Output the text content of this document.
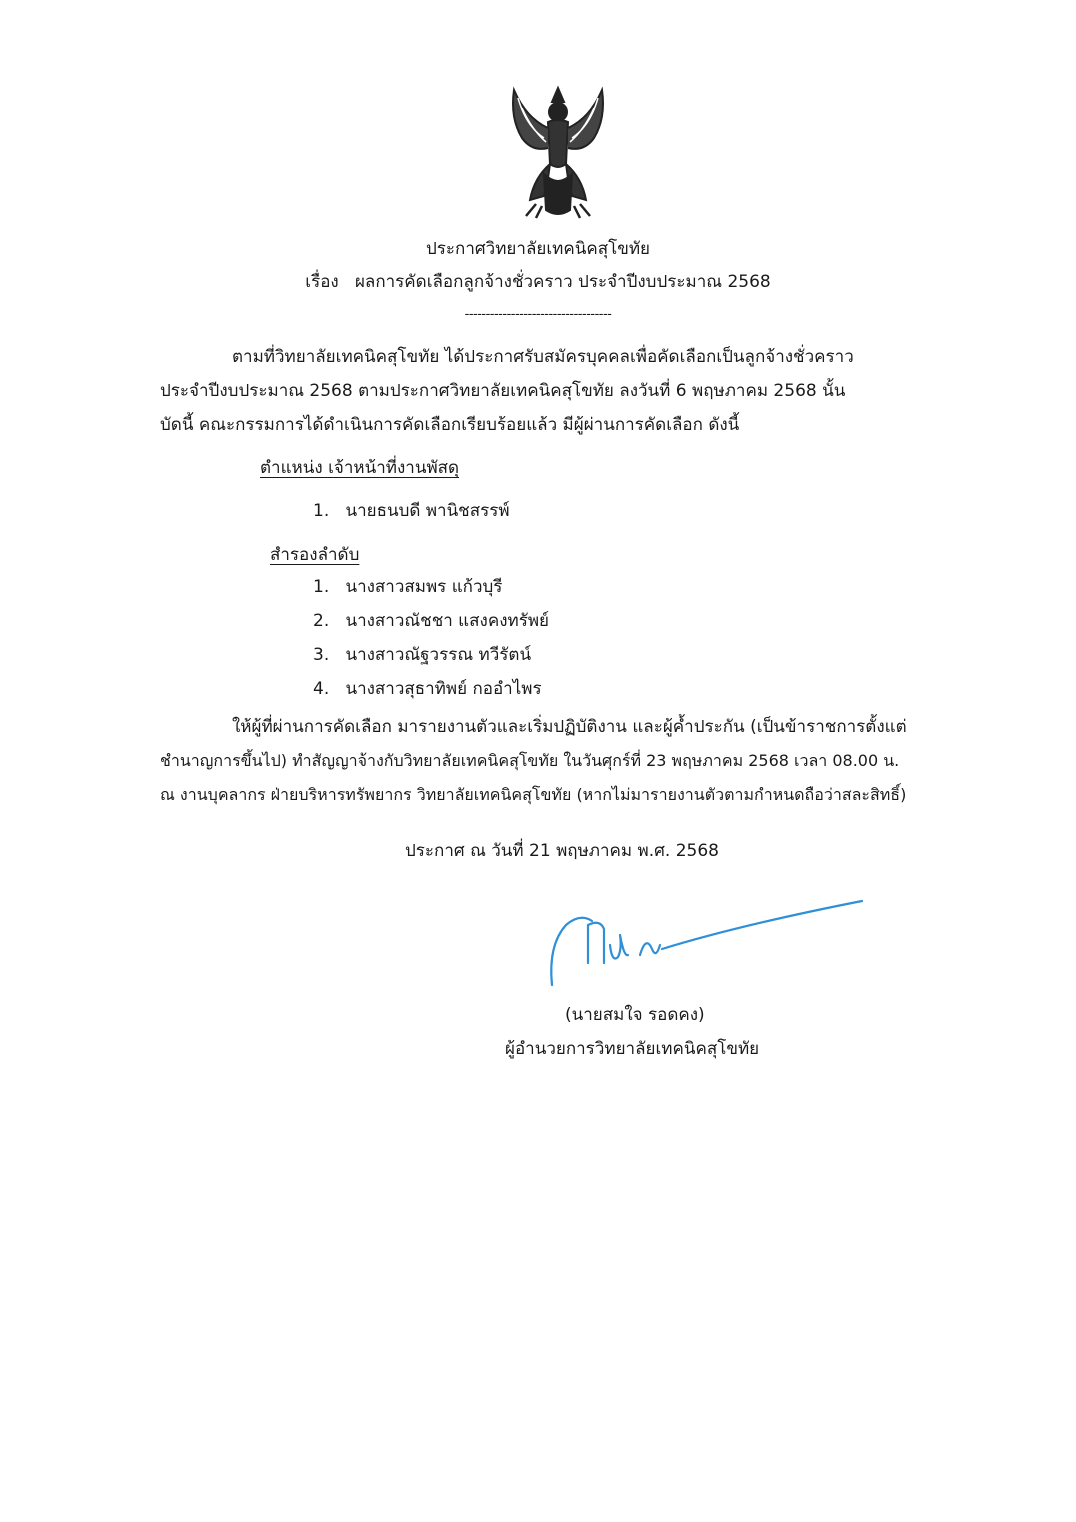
ประกาศวิทยาลัยเทคนิคสุโขทัย
เรื่อง ผลการคัดเลือกลูกจ้างชั่วคราว ประจำปีงบประมาณ 2568
-----------------------------------
ตามที่วิทยาลัยเทคนิคสุโขทัย ได้ประกาศรับสมัครบุคคลเพื่อคัดเลือกเป็นลูกจ้างชั่วคราว
ประจำปีงบประมาณ 2568 ตามประกาศวิทยาลัยเทคนิคสุโขทัย ลงวันที่ 6 พฤษภาคม 2568 นั้น
บัดนี้ คณะกรรมการได้ดำเนินการคัดเลือกเรียบร้อยแล้ว มีผู้ผ่านการคัดเลือก ดังนี้
ตำแหน่ง เจ้าหน้าที่งานพัสดุ
1. นายธนบดี พานิชสรรพ์
สำรองลำดับ
1. นางสาวสมพร แก้วบุรี
2. นางสาวณัชชา แสงคงทรัพย์
3. นางสาวณัฐวรรณ ทวีรัตน์
4. นางสาวสุธาทิพย์ กออำไพร
ให้ผู้ที่ผ่านการคัดเลือก มารายงานตัวและเริ่มปฏิบัติงาน และผู้ค้ำประกัน (เป็นข้าราชการตั้งแต่
ชำนาญการขึ้นไป) ทำสัญญาจ้างกับวิทยาลัยเทคนิคสุโขทัย ในวันศุกร์ที่ 23 พฤษภาคม 2568 เวลา 08.00 น.
ณ งานบุคลากร ฝ่ายบริหารทรัพยากร วิทยาลัยเทคนิคสุโขทัย (หากไม่มารายงานตัวตามกำหนดถือว่าสละสิทธิ์)
ประกาศ ณ วันที่ 21 พฤษภาคม พ.ศ. 2568
(นายสมใจ รอดคง)
ผู้อำนวยการวิทยาลัยเทคนิคสุโขทัย
